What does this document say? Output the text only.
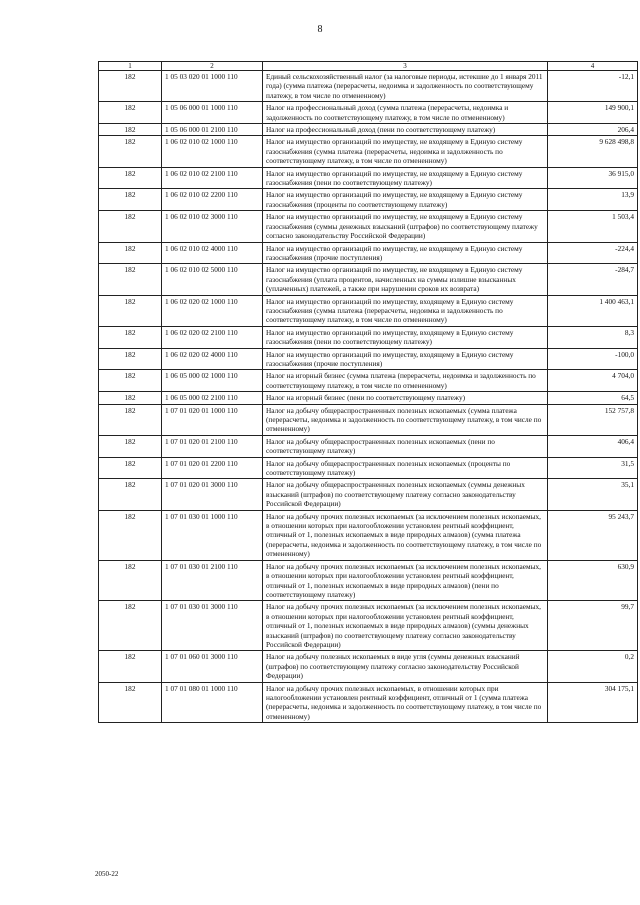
8
1	2	3	4
182	1 05 03 020 01 1000 110	Единый сельскохозяйственный налог (за налоговые периоды, истекшие до 1 января 2011 года) (сумма платежа (перерасчеты, недоимка и задолженность по соответствующему платежу, в том числе по отмененному)	-12,1
182	1 05 06 000 01 1000 110	Налог на профессиональный доход (сумма платежа (перерасчеты, недоимка и задолженность по соответствующему платежу, в том числе по отмененному)	149 900,1
182	1 05 06 000 01 2100 110	Налог на профессиональный доход (пени по соответствующему платежу)	206,4
182	1 06 02 010 02 1000 110	Налог на имущество организаций по имуществу, не входящему в Единую систему газоснабжения (сумма платежа (перерасчеты, недоимка и задолженность по соответствующему платежу, в том числе по отмененному)	9 628 498,8
182	1 06 02 010 02 2100 110	Налог на имущество организаций по имуществу, не входящему в Единую систему газоснабжения (пени по соответствующему платежу)	36 915,0
182	1 06 02 010 02 2200 110	Налог на имущество организаций по имуществу, не входящему в Единую систему газоснабжения (проценты по соответствующему платежу)	13,9
182	1 06 02 010 02 3000 110	Налог на имущество организаций по имуществу, не входящему в Единую систему газоснабжения (суммы денежных взысканий (штрафов) по соответствующему платежу согласно законодательству Российской Федерации)	1 503,4
182	1 06 02 010 02 4000 110	Налог на имущество организаций по имуществу, не входящему в Единую систему газоснабжения (прочие поступления)	-224,4
182	1 06 02 010 02 5000 110	Налог на имущество организаций по имуществу, не входящему в Единую систему газоснабжения (уплата процентов, начисленных на суммы излишне взысканных (уплаченных) платежей, а также при нарушении сроков их возврата)	-284,7
182	1 06 02 020 02 1000 110	Налог на имущество организаций по имуществу, входящему в Единую систему газоснабжения (сумма платежа (перерасчеты, недоимка и задолженность по соответствующему платежу, в том числе по отмененному)	1 400 463,1
182	1 06 02 020 02 2100 110	Налог на имущество организаций по имуществу, входящему в Единую систему газоснабжения (пени по соответствующему платежу)	8,3
182	1 06 02 020 02 4000 110	Налог на имущество организаций по имуществу, входящему в Единую систему газоснабжения (прочие поступления)	-100,0
182	1 06 05 000 02 1000 110	Налог на игорный бизнес (сумма платежа (перерасчеты, недоимка и задолженность по соответствующему платежу, в том числе по отмененному)	4 704,0
182	1 06 05 000 02 2100 110	Налог на игорный бизнес (пени по соответствующему платежу)	64,5
182	1 07 01 020 01 1000 110	Налог на добычу общераспространенных полезных ископаемых (сумма платежа (перерасчеты, недоимка и задолженность по соответствующему платежу, в том числе по отмененному)	152 757,8
182	1 07 01 020 01 2100 110	Налог на добычу общераспространенных полезных ископаемых (пени по соответствующему платежу)	406,4
182	1 07 01 020 01 2200 110	Налог на добычу общераспространенных полезных ископаемых (проценты по соответствующему платежу)	31,5
182	1 07 01 020 01 3000 110	Налог на добычу общераспространенных полезных ископаемых (суммы денежных взысканий (штрафов) по соответствующему платежу согласно законодательству Российской Федерации)	35,1
182	1 07 01 030 01 1000 110	Налог на добычу прочих полезных ископаемых (за исключением полезных ископаемых, в отношении которых при налогообложении установлен рентный коэффициент, отличный от 1, полезных ископаемых в виде природных алмазов) (сумма платежа (перерасчеты, недоимка и задолженность по соответствующему платежу, в том числе по отмененному)	95 243,7
182	1 07 01 030 01 2100 110	Налог на добычу прочих полезных ископаемых (за исключением полезных ископаемых, в отношении которых при налогообложении установлен рентный коэффициент, отличный от 1, полезных ископаемых в виде природных алмазов) (пени по соответствующему платежу)	630,9
182	1 07 01 030 01 3000 110	Налог на добычу прочих полезных ископаемых (за исключением полезных ископаемых, в отношении которых при налогообложении установлен рентный коэффициент, отличный от 1, полезных ископаемых в виде природных алмазов) (суммы денежных взысканий (штрафов) по соответствующему платежу согласно законодательству Российской Федерации)	99,7
182	1 07 01 060 01 3000 110	Налог на добычу полезных ископаемых в виде угля (суммы денежных взысканий (штрафов) по соответствующему платежу согласно законодательству Российской Федерации)	0,2
182	1 07 01 080 01 1000 110	Налог на добычу прочих полезных ископаемых, в отношении которых при налогообложении установлен рентный коэффициент, отличный от 1 (сумма платежа (перерасчеты, недоимка и задолженность по соответствующему платежу, в том числе по отмененному)	304 175,1
2050-22
